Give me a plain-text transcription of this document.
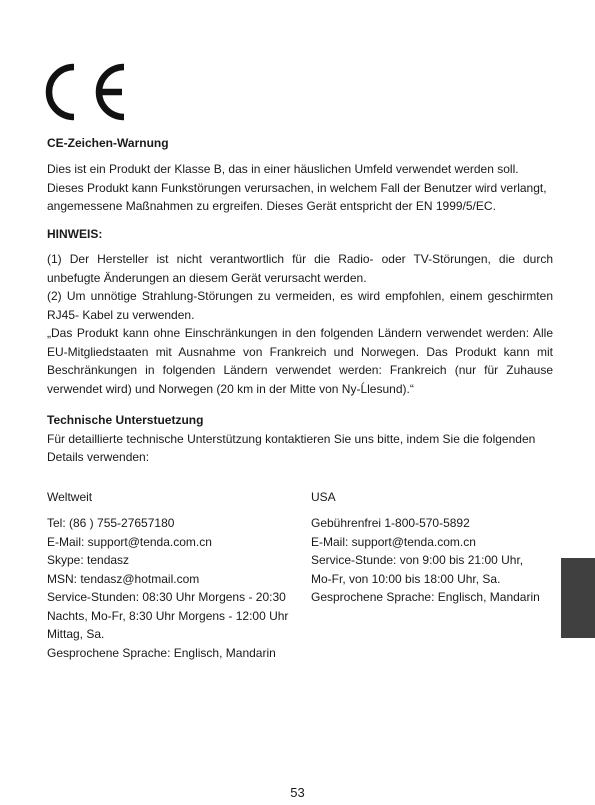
CE-Zeichen-Warnung

Dies ist ein Produkt der Klasse B, das in einer häuslichen Umfeld verwendet werden soll.

Dieses Produkt kann Funkstörungen verursachen, in welchem Fall der Benutzer wird verlangt,

angemessene Maßnahmen zu ergreifen. Dieses Gerät entspricht der EN 1999/5/EC.

HINWEIS:

(1) Der Hersteller ist nicht verantwortlich für die Radio- oder TV-Störungen, die durch unbefugte Änderungen an diesem Gerät verursacht werden.

(2) Um unnötige Strahlung-Störungen zu vermeiden, es wird empfohlen, einem geschirmten RJ45- Kabel zu verwenden.

„Das Produkt kann ohne Einschränkungen in den folgenden Ländern verwendet werden: Alle EU-Mitgliedstaaten mit Ausnahme von Frankreich und Norwegen. Das Produkt kann mit Beschränkungen in folgenden Ländern verwendet werden: Frankreich (nur für Zuhause verwendet wird) und Norwegen (20 km in der Mitte von Ny-Ĺlesund).“

Technische Unterstuetzung

Für detaillierte technische Unterstützung kontaktieren Sie uns bitte, indem Sie die folgenden

Details verwenden:

Weltweit

Tel: (86 ) 755-27657180

E-Mail: support@tenda.com.cn

Skype: tendasz

MSN: tendasz@hotmail.com

Service-Stunden: 08:30 Uhr Morgens - 20:30

Nachts, Mo-Fr, 8:30 Uhr Morgens - 12:00 Uhr

Mittag, Sa.

Gesprochene Sprache: Englisch, Mandarin

USA

Gebührenfrei 1-800-570-5892

E-Mail: support@tenda.com.cn

Service-Stunde: von 9:00 bis 21:00 Uhr,

Mo-Fr, von 10:00 bis 18:00 Uhr, Sa.

Gesprochene Sprache: Englisch, Mandarin

53
